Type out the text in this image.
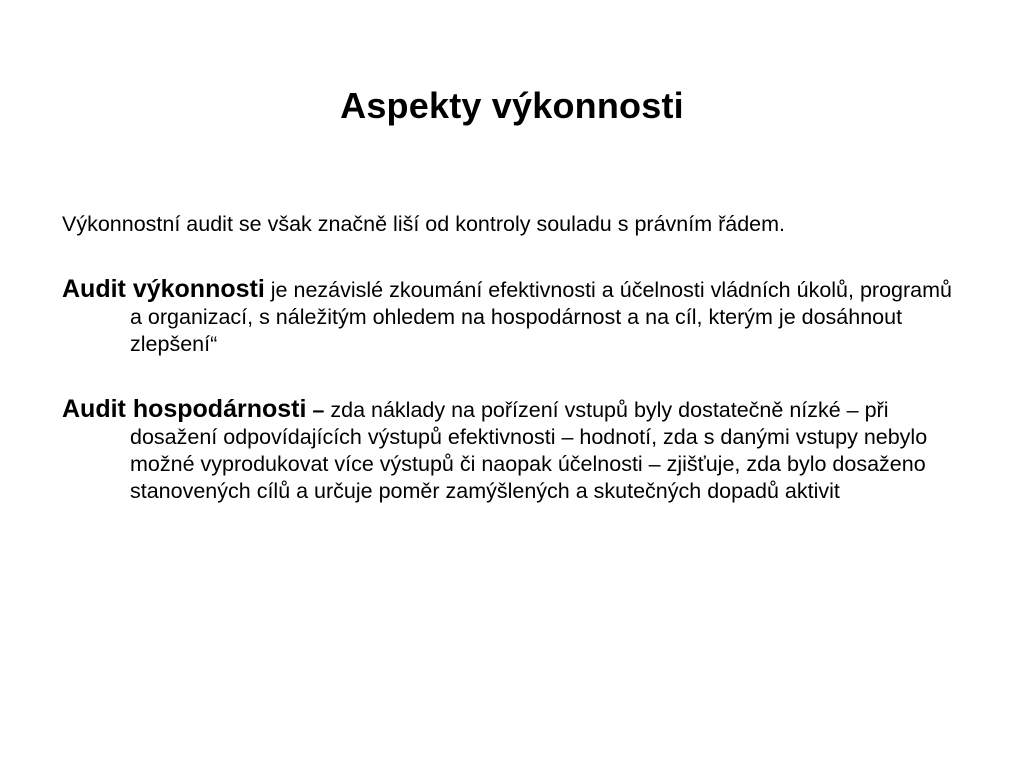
Aspekty výkonnosti

Výkonnostní audit se však značně liší od kontroly souladu s právním řádem.

Audit výkonnosti je nezávislé zkoumání efektivnosti a účelnosti vládních úkolů, programů a organizací, s náležitým ohledem na hospodárnost a na cíl, kterým je dosáhnout zlepšení“

Audit hospodárnosti – zda náklady na pořízení vstupů byly dostatečně nízké – při dosažení odpovídajících výstupů efektivnosti – hodnotí, zda s danými vstupy nebylo možné vyprodukovat více výstupů či naopak účelnosti – zjišťuje, zda bylo dosaženo stanovených cílů a určuje poměr zamýšlených a skutečných dopadů aktivit
